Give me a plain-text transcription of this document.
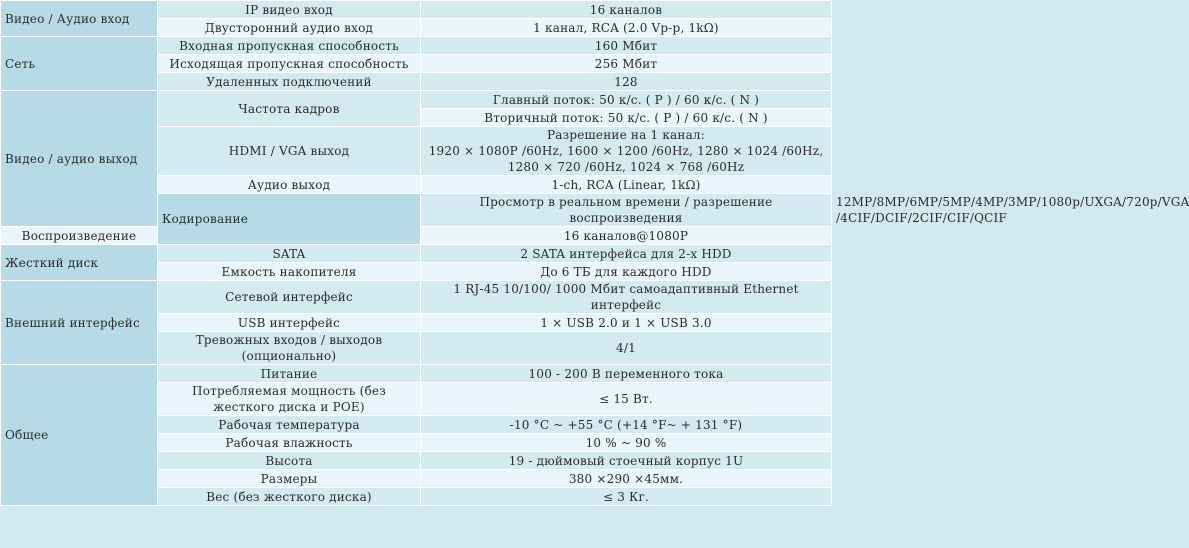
Видео / Аудио вход	IP видео вход	16 каналов	
	Двусторонний аудио вход	1 канал, RCA (2.0 Vp-p, 1kΩ)	
Сеть	Входная пропускная способность	160 Мбит	
	Исходящая пропускная способность	256 Мбит	
	Удаленных подключений	128	
Видео / аудио выход	Частота кадров	Главный поток: 50 к/с. ( P ) / 60 к/с. ( N )	
		Вторичный поток: 50 к/с. ( P ) / 60 к/с. ( N )	
	HDMI / VGA выход	Разрешение на 1 канал:
1920 × 1080P /60Hz, 1600 × 1200 /60Hz, 1280 × 1024 /60Hz,
1280 × 720 /60Hz, 1024 × 768 /60Hz	

	Аудио выход	1-ch, RCA (Linear, 1kΩ)	
	Кодирование	Просмотр в реальном времени / разрешение воспроизведения	12MP/8MP/6MP/5MP/4MP/3MP/1080p/UXGA/720p/VGA
/4CIF/DCIF/2CIF/CIF/QCIF

Воспроизведение		16 каналов@1080P	
Жесткий диск	SATA	2 SATA интерфейса для 2-х HDD	
	Емкость накопителя	До 6 ТБ для каждого HDD	
Внешний интерфейс	Сетевой интерфейс	1 RJ-45 10/100/ 1000 Мбит самоадаптивный Ethernet
интерфейс	

	USB интерфейс	1 × USB 2.0 и 1 × USB 3.0	
	Тревожных входов / выходов (опционально)	4/1	
Общее	Питание	100 - 200 В переменного тока	
	Потребляемая мощность (без жесткого диска и POE)	≤ 15 Вт.	
	Рабочая температура	-10 °C ~ +55 °C (+14 °F~ + 131 °F)	
	Рабочая влажность	10 % ~ 90 %	
	Высота	19 - дюймовый стоечный корпус 1U	
	Размеры	380 ×290 ×45мм.	
	Вес (без жесткого диска)	≤ 3 Кг.	
